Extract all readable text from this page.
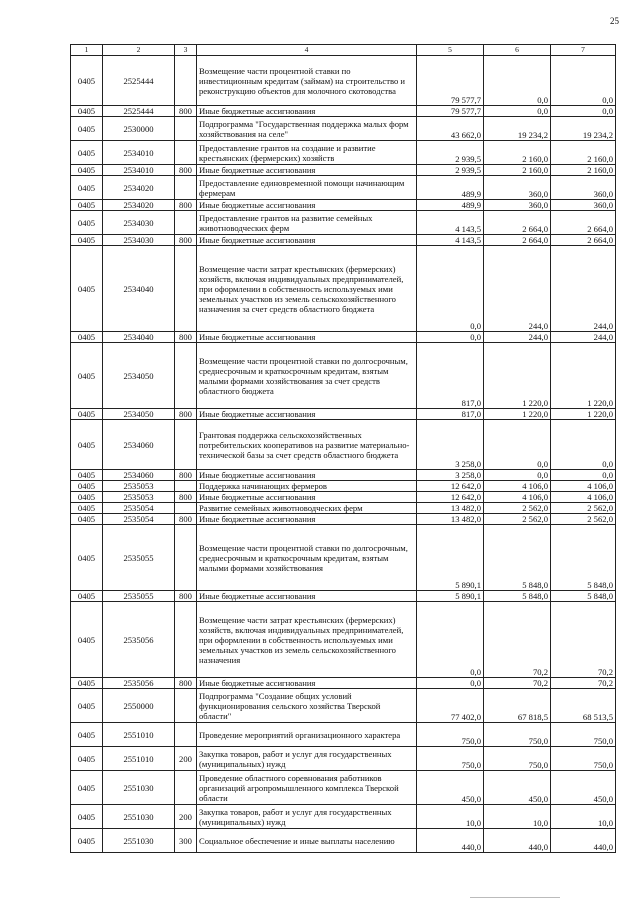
25
1	2	3	4	5	6	7
0405	2525444		Возмещение части процентной ставки по инвестиционным кредитам (займам) на строительство и реконструкцию объектов для молочного скотоводства	79 577,7	0,0	0,0
0405	2525444	800	Иные бюджетные ассигнования	79 577,7	0,0	0,0
0405	2530000		Подпрограмма "Государственная поддержка малых форм хозяйствования на селе"	43 662,0	19 234,2	19 234,2
0405	2534010		Предоставление грантов на создание и развитие крестьянских (фермерских) хозяйств	2 939,5	2 160,0	2 160,0
0405	2534010	800	Иные бюджетные ассигнования	2 939,5	2 160,0	2 160,0
0405	2534020		Предоставление единовременной помощи начинающим фермерам	489,9	360,0	360,0
0405	2534020	800	Иные бюджетные ассигнования	489,9	360,0	360,0
0405	2534030		Предоставление грантов на развитие семейных животноводческих ферм	4 143,5	2 664,0	2 664,0
0405	2534030	800	Иные бюджетные ассигнования	4 143,5	2 664,0	2 664,0
0405	2534040		Возмещение части затрат крестьянских (фермерских) хозяйств, включая индивидуальных предпринимателей, при оформлении в собственность используемых ими земельных участков из земель сельскохозяйственного назначения за счет средств областного бюджета	0,0	244,0	244,0
0405	2534040	800	Иные бюджетные ассигнования	0,0	244,0	244,0
0405	2534050		Возмещение части процентной ставки по долгосрочным, среднесрочным и краткосрочным кредитам, взятым малыми формами хозяйствования за счет средств областного бюджета	817,0	1 220,0	1 220,0
0405	2534050	800	Иные бюджетные ассигнования	817,0	1 220,0	1 220,0
0405	2534060		Грантовая поддержка сельскохозяйственных потребительских кооперативов на развитие материально-технической базы за счет средств областного бюджета	3 258,0	0,0	0,0
0405	2534060	800	Иные бюджетные ассигнования	3 258,0	0,0	0,0
0405	2535053		Поддержка начинающих фермеров	12 642,0	4 106,0	4 106,0
0405	2535053	800	Иные бюджетные ассигнования	12 642,0	4 106,0	4 106,0
0405	2535054		Развитие семейных животноводческих ферм	13 482,0	2 562,0	2 562,0
0405	2535054	800	Иные бюджетные ассигнования	13 482,0	2 562,0	2 562,0
0405	2535055		Возмещение части процентной ставки по долгосрочным, среднесрочным и краткосрочным кредитам, взятым малыми формами хозяйствования	5 890,1	5 848,0	5 848,0
0405	2535055	800	Иные бюджетные ассигнования	5 890,1	5 848,0	5 848,0
0405	2535056		Возмещение части затрат крестьянских (фермерских) хозяйств, включая индивидуальных предпринимателей, при оформлении в собственность используемых ими земельных участков из земель сельскохозяйственного назначения	0,0	70,2	70,2
0405	2535056	800	Иные бюджетные ассигнования	0,0	70,2	70,2
0405	2550000		Подпрограмма "Создание общих условий функционирования сельского хозяйства Тверской области"	77 402,0	67 818,5	68 513,5
0405	2551010		Проведение мероприятий организационного характера	750,0	750,0	750,0
0405	2551010	200	Закупка товаров, работ и услуг для государственных (муниципальных) нужд	750,0	750,0	750,0
0405	2551030		Проведение областного соревнования работников организаций агропромышленного комплекса Тверской области	450,0	450,0	450,0
0405	2551030	200	Закупка товаров, работ и услуг для государственных (муниципальных) нужд	10,0	10,0	10,0
0405	2551030	300	Социальное обеспечение и иные выплаты населению	440,0	440,0	440,0
